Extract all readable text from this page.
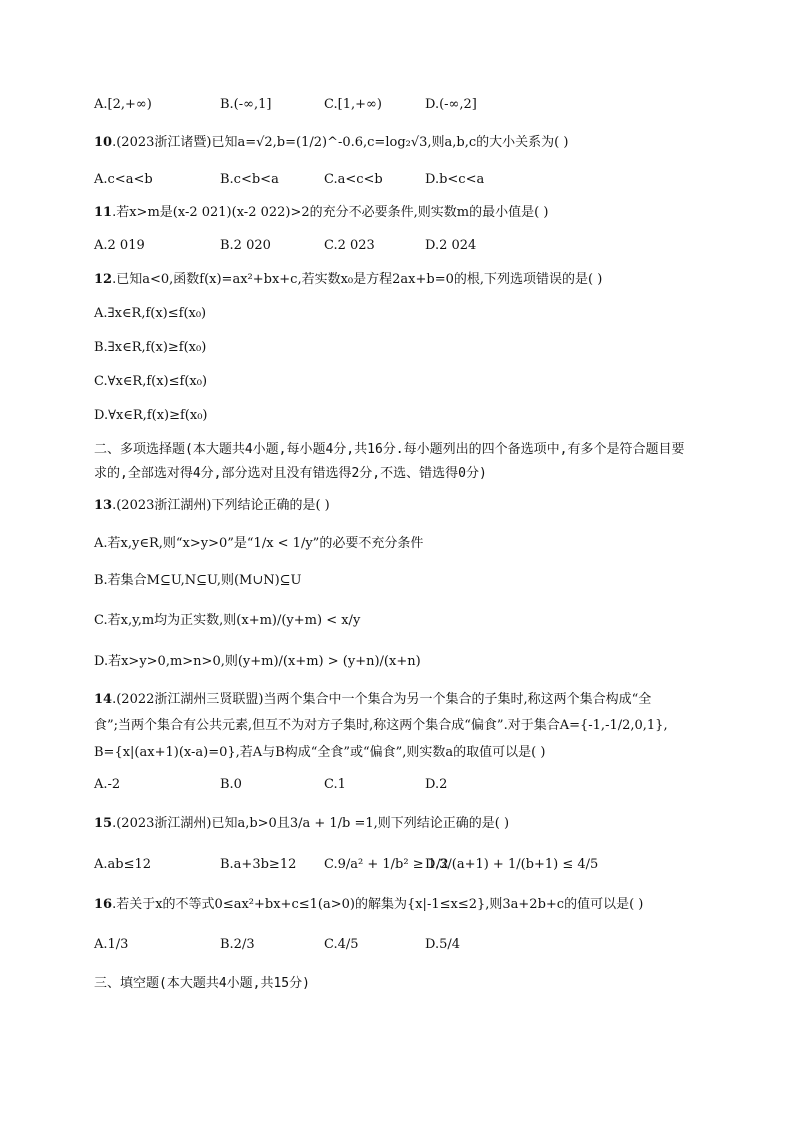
A.[2,+∞)	B.(-∞,1]	C.[1,+∞)	D.(-∞,2]
10.(2023浙江诸暨)已知a=√2,b=(1/2)^-0.6,c=log₂√3,则a,b,c的大小关系为( )
A.c<a<b	B.c<b<a	C.a<c<b	D.b<c<a
11.若x>m是(x-2 021)(x-2 022)>2的充分不必要条件,则实数m的最小值是( )
A.2 019	B.2 020	C.2 023	D.2 024
12.已知a<0,函数f(x)=ax²+bx+c,若实数x₀是方程2ax+b=0的根,下列选项错误的是( )
A.∃x∈R,f(x)≤f(x₀)
B.∃x∈R,f(x)≥f(x₀)
C.∀x∈R,f(x)≤f(x₀)
D.∀x∈R,f(x)≥f(x₀)
二、多项选择题(本大题共4小题,每小题4分,共16分.每小题列出的四个备选项中,有多个是符合题目要求的,全部选对得4分,部分选对且没有错选得2分,不选、错选得0分)
13.(2023浙江湖州)下列结论正确的是( )
A.若x,y∈R,则“x>y>0”是“1/x < 1/y”的必要不充分条件
B.若集合M⊆U,N⊆U,则(M∪N)⊆U
C.若x,y,m均为正实数,则(x+m)/(y+m) < x/y
D.若x>y>0,m>n>0,则(y+m)/(x+m) > (y+n)/(x+n)
14.(2022浙江湖州三贤联盟)当两个集合中一个集合为另一个集合的子集时,称这两个集合构成“全
食”;当两个集合有公共元素,但互不为对方子集时,称这两个集合成“偏食”.对于集合A={-1,-1/2,0,1},
B={x|(ax+1)(x-a)=0},若A与B构成“全食”或“偏食”,则实数a的取值可以是( )
A.-2	B.0	C.1	D.2
15.(2023浙江湖州)已知a,b>0且3/a + 1/b =1,则下列结论正确的是( )
A.ab≤12	B.a+3b≥12 C.9/a² + 1/b² ≥ 1/2
D.3/(a+1) + 1/(b+1) ≤ 4/5
16.若关于x的不等式0≤ax²+bx+c≤1(a>0)的解集为{x|-1≤x≤2},则3a+2b+c的值可以是( )
A.1/3	B.2/3	C.4/5	D.5/4
三、填空题(本大题共4小题,共15分)
